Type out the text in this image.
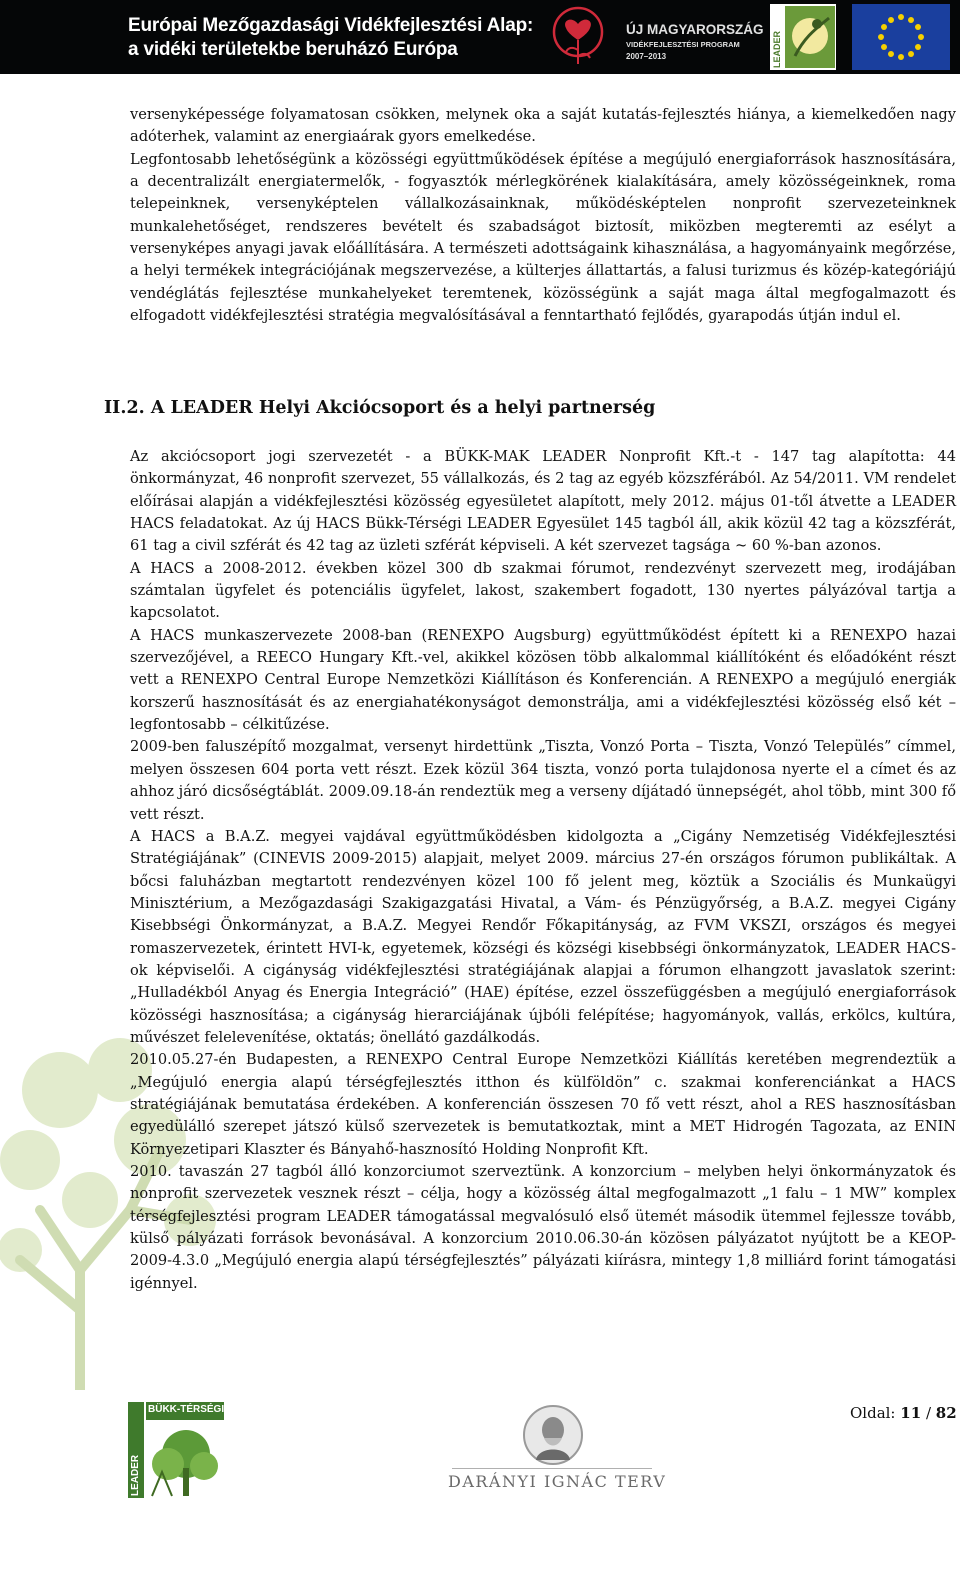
Európai Mezőgazdasági Vidékfejlesztési Alap:
a vidéki területekbe beruházó Európa
ÚJ MAGYARORSZÁG
VIDÉKFEJLESZTÉSI PROGRAM
2007–2013	LEADER

versenyképessége folyamatosan csökken, melynek oka a saját kutatás-fejlesztés hiánya, a kiemelkedően nagy adóterhek, valamint az energiaárak gyors emelkedése.

Legfontosabb lehetőségünk a közösségi együttműködések építése a megújuló energiaforrások hasznosítására, a decentralizált energiatermelők, - fogyasztók mérlegkörének kialakítására, amely közösségeinknek, roma telepeinknek, versenyképtelen vállalkozásainknak, működésképtelen nonprofit szervezeteinknek munkalehetőséget, rendszeres bevételt és szabadságot biztosít, miközben megteremti az esélyt a versenyképes anyagi javak előállítására. A természeti adottságaink kihasználása, a hagyományaink megőrzése, a helyi termékek integrációjának megszervezése, a külterjes állattartás, a falusi turizmus és közép-kategóriájú vendéglátás fejlesztése munkahelyeket teremtenek, közösségünk a saját maga által megfogalmazott és elfogadott vidékfejlesztési stratégia megvalósításával a fenntartható fejlődés, gyarapodás útján indul el.

II.2. A LEADER Helyi Akciócsoport és a helyi partnerség

Az akciócsoport jogi szervezetét - a BÜKK-MAK LEADER Nonprofit Kft.-t - 147 tag alapította: 44 önkormányzat, 46 nonprofit szervezet, 55 vállalkozás, és 2 tag az egyéb közszférából. Az 54/2011. VM rendelet előírásai alapján a vidékfejlesztési közösség egyesületet alapított, mely 2012. május 01-től átvette a LEADER HACS feladatokat. Az új HACS Bükk-Térségi LEADER Egyesület 145 tagból áll, akik közül 42 tag a közszférát, 61 tag a civil szférát és 42 tag az üzleti szférát képviseli. A két szervezet tagsága ~ 60 %-ban azonos.

A HACS a 2008-2012. években közel 300 db szakmai fórumot, rendezvényt szervezett meg, irodájában számtalan ügyfelet és potenciális ügyfelet, lakost, szakembert fogadott, 130 nyertes pályázóval tartja a kapcsolatot.

A HACS munkaszervezete 2008-ban (RENEXPO Augsburg) együttműködést épített ki a RENEXPO hazai szervezőjével, a REECO Hungary Kft.-vel, akikkel közösen több alkalommal kiállítóként és előadóként részt vett a RENEXPO Central Europe Nemzetközi Kiállításon és Konferencián. A RENEXPO a megújuló energiák korszerű hasznosítását és az energiahatékonyságot demonstrálja, ami a vidékfejlesztési közösség első két – legfontosabb – célkitűzése.

2009-ben faluszépítő mozgalmat, versenyt hirdettünk „Tiszta, Vonzó Porta – Tiszta, Vonzó Település” címmel, melyen összesen 604 porta vett részt. Ezek közül 364 tiszta, vonzó porta tulajdonosa nyerte el a címet és az ahhoz járó dicsőségtáblát. 2009.09.18-án rendeztük meg a verseny díjátadó ünnepségét, ahol több, mint 300 fő vett részt.

A HACS a B.A.Z. megyei vajdával együttműködésben kidolgozta a „Cigány Nemzetiség Vidékfejlesztési Stratégiájának” (CINEVIS 2009-2015) alapjait, melyet 2009. március 27-én országos fórumon publikáltak. A bőcsi faluházban megtartott rendezvényen közel 100 fő jelent meg, köztük a Szociális és Munkaügyi Minisztérium, a Mezőgazdasági Szakigazgatási Hivatal, a Vám- és Pénzügyőrség, a B.A.Z. megyei Cigány Kisebbségi Önkormányzat, a B.A.Z. Megyei Rendőr Főkapitányság, az FVM VKSZI, országos és megyei romaszervezetek, érintett HVI-k, egyetemek, községi és községi kisebbségi önkormányzatok, LEADER HACS-ok képviselői. A cigányság vidékfejlesztési stratégiájának alapjai a fórumon elhangzott javaslatok szerint: „Hulladékból Anyag és Energia Integráció” (HAE) építése, ezzel összefüggésben a megújuló energiaforrások közösségi hasznosítása; a cigányság hierarciájának újbóli felépítése; hagyományok, vallás, erkölcs, kultúra, művészet felelevenítése, oktatás; önellátó gazdálkodás.

2010.05.27-én Budapesten, a RENEXPO Central Europe Nemzetközi Kiállítás keretében megrendeztük a „Megújuló energia alapú térségfejlesztés itthon és külföldön” c. szakmai konferenciánkat a HACS stratégiájának bemutatása érdekében. A konferencián összesen 70 fő vett részt, ahol a RES hasznosításban egyedülálló szerepet játszó külső szervezetek is bemutatkoztak, mint a MET Hidrogén Tagozata, az ENIN Környezetipari Klaszter és Bányahő-hasznosító Holding Nonprofit Kft.

2010. tavaszán 27 tagból álló konzorciumot szerveztünk. A konzorcium – melyben helyi önkormányzatok és nonprofit szervezetek vesznek részt – célja, hogy a közösség által megfogalmazott „1 falu – 1 MW” komplex térségfejlesztési program LEADER támogatással megvalósuló első ütemét második ütemmel fejlessze tovább, külső pályázati források bevonásával. A konzorcium 2010.06.30-án közösen pályázatot nyújtott be a KEOP-2009-4.3.0 „Megújuló energia alapú térségfejlesztés” pályázati kiírásra, mintegy 1,8 milliárd forint támogatási igénnyel.

BÜKK-TÉRSÉGI
LEADER	DARÁNYI IGNÁC TERV
Oldal: 11 / 82
